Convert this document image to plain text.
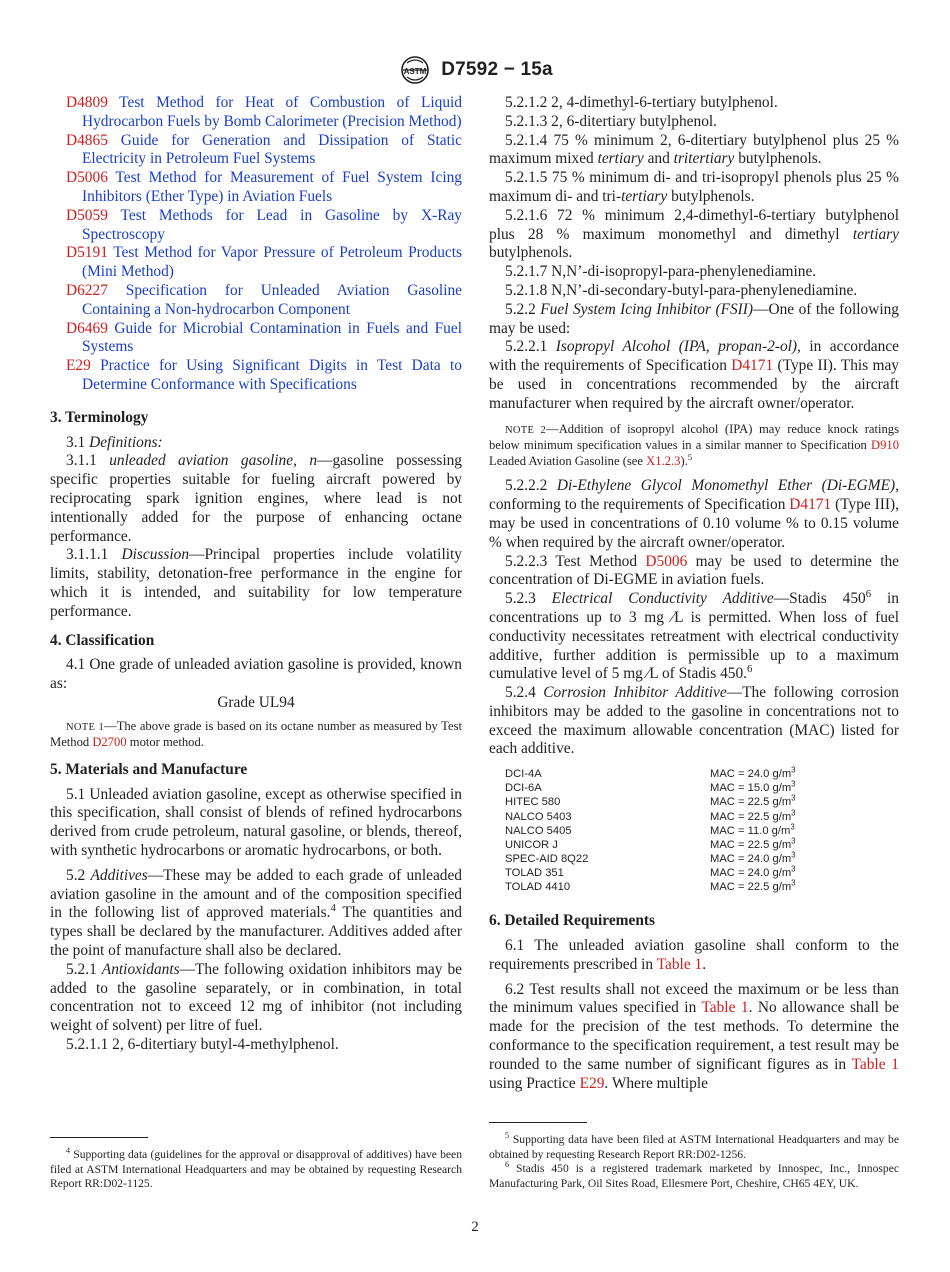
ASTM D7592 − 15a

D4809 Test Method for Heat of Combustion of Liquid Hydrocarbon Fuels by Bomb Calorimeter (Precision Method)

D4865 Guide for Generation and Dissipation of Static Electricity in Petroleum Fuel Systems

D5006 Test Method for Measurement of Fuel System Icing Inhibitors (Ether Type) in Aviation Fuels

D5059 Test Methods for Lead in Gasoline by X-Ray Spectroscopy

D5191 Test Method for Vapor Pressure of Petroleum Products (Mini Method)

D6227 Specification for Unleaded Aviation Gasoline Containing a Non-hydrocarbon Component

D6469 Guide for Microbial Contamination in Fuels and Fuel Systems

E29 Practice for Using Significant Digits in Test Data to Determine Conformance with Specifications

3. Terminology

3.1 Definitions:

3.1.1 unleaded aviation gasoline, n—gasoline possessing specific properties suitable for fueling aircraft powered by reciprocating spark ignition engines, where lead is not intentionally added for the purpose of enhancing octane performance.

3.1.1.1 Discussion—Principal properties include volatility limits, stability, detonation-free performance in the engine for which it is intended, and suitability for low temperature performance.

4. Classification

4.1 One grade of unleaded aviation gasoline is provided, known as:

Grade UL94

NOTE 1—The above grade is based on its octane number as measured by Test Method D2700 motor method.

5. Materials and Manufacture

5.1 Unleaded aviation gasoline, except as otherwise specified in this specification, shall consist of blends of refined hydrocarbons derived from crude petroleum, natural gasoline, or blends, thereof, with synthetic hydrocarbons or aromatic hydrocarbons, or both.

5.2 Additives—These may be added to each grade of unleaded aviation gasoline in the amount and of the composition specified in the following list of approved materials.$^4$ The quantities and types shall be declared by the manufacturer. Additives added after the point of manufacture shall also be declared.

5.2.1 Antioxidants—The following oxidation inhibitors may be added to the gasoline separately, or in combination, in total concentration not to exceed 12 mg of inhibitor (not including weight of solvent) per litre of fuel.

5.2.1.1 2, 6-ditertiary butyl-4-methylphenol.

5.2.1.2 2, 4-dimethyl-6-tertiary butylphenol.

5.2.1.3 2, 6-ditertiary butylphenol.

5.2.1.4 75 % minimum 2, 6-ditertiary butylphenol plus 25 % maximum mixed tertiary and tritertiary butylphenols.

5.2.1.5 75 % minimum di- and tri-isopropyl phenols plus 25 % maximum di- and tri-tertiary butylphenols.

5.2.1.6 72 % minimum 2,4-dimethyl-6-tertiary butylphenol plus 28 % maximum monomethyl and dimethyl tertiary butylphenols.

5.2.1.7 N,N’-di-isopropyl-para-phenylenediamine.

5.2.1.8 N,N’-di-secondary-butyl-para-phenylenediamine.

5.2.2 Fuel System Icing Inhibitor (FSII)—One of the following may be used:

5.2.2.1 Isopropyl Alcohol (IPA, propan-2-ol), in accordance with the requirements of Specification D4171 (Type II). This may be used in concentrations recommended by the aircraft manufacturer when required by the aircraft owner/operator.

NOTE 2—Addition of isopropyl alcohol (IPA) may reduce knock ratings below minimum specification values in a similar manner to Specification D910 Leaded Aviation Gasoline (see X1.2.3).$^5$

5.2.2.2 Di-Ethylene Glycol Monomethyl Ether (Di-EGME), conforming to the requirements of Specification D4171 (Type III), may be used in concentrations of 0.10 volume % to 0.15 volume % when required by the aircraft owner/operator.

5.2.2.3 Test Method D5006 may be used to determine the concentration of Di-EGME in aviation fuels.

5.2.3 Electrical Conductivity Additive—Stadis $450^6$ in concentrations up to 3 mg ⁄L is permitted. When loss of fuel conductivity necessitates retreatment with electrical conductivity additive, further addition is permissible up to a maximum cumulative level of 5 mg ⁄L of Stadis 450.$^6$

5.2.4 Corrosion Inhibitor Additive—The following corrosion inhibitors may be added to the gasoline in concentrations not to exceed the maximum allowable concentration (MAC) listed for each additive.

DCI-4A	MAC = 24.0 $g/m^3$
DCI-6A	MAC = 15.0 $g/m^3$
HITEC 580	MAC = 22.5 $g/m^3$
NALCO 5403	MAC = 22.5 $g/m^3$
NALCO 5405	MAC = 11.0 $g/m^3$
UNICOR J	MAC = 22.5 $g/m^3$
SPEC-AID 8Q22	MAC = 24.0 $g/m^3$
TOLAD 351	MAC = 24.0 $g/m^3$
TOLAD 4410	MAC = 22.5 $g/m^3$
6. Detailed Requirements

6.1 The unleaded aviation gasoline shall conform to the requirements prescribed in Table 1.

6.2 Test results shall not exceed the maximum or be less than the minimum values specified in Table 1. No allowance shall be made for the precision of the test methods. To determine the conformance to the specification requirement, a test result may be rounded to the same number of significant figures as in Table 1 using Practice E29. Where multiple

$^4$ Supporting data (guidelines for the approval or disapproval of additives) have been filed at ASTM International Headquarters and may be obtained by requesting Research Report RR:D02-1125.

$^5$ Supporting data have been filed at ASTM International Headquarters and may be obtained by requesting Research Report RR:D02-1256.

$^6$ Stadis 450 is a registered trademark marketed by Innospec, Inc., Innospec Manufacturing Park, Oil Sites Road, Ellesmere Port, Cheshire, CH65 4EY, UK.

2
